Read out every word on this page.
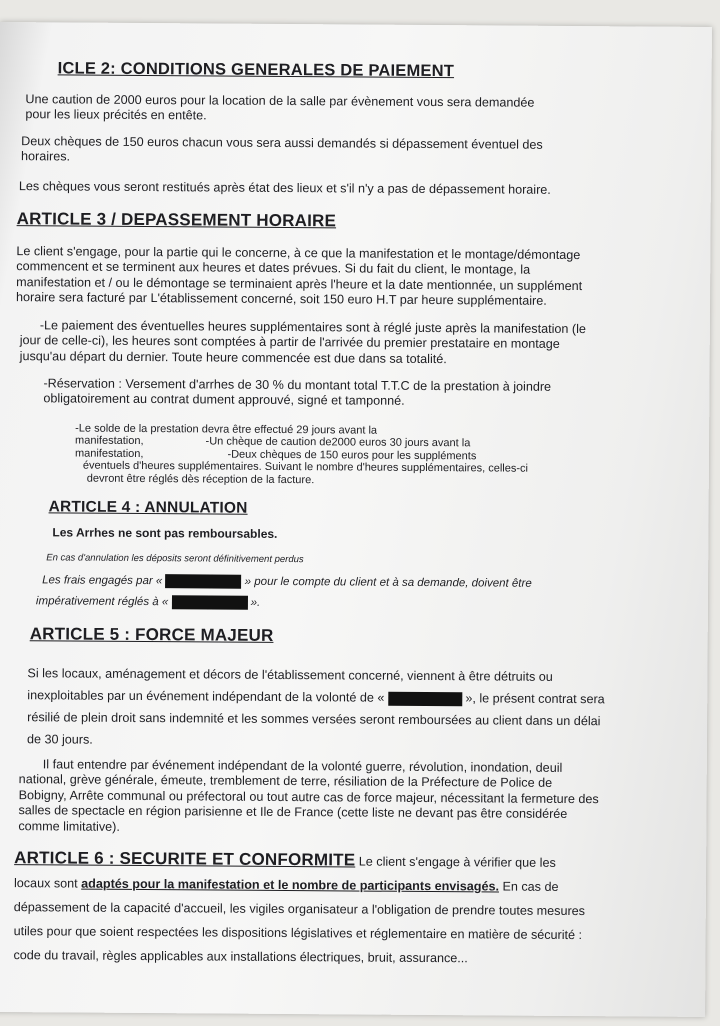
ICLE 2: CONDITIONS GENERALES DE PAIEMENT
Une caution de 2000 euros pour la location de la salle par évènement vous sera demandée
pour les lieux précités en entête.
Deux chèques de 150 euros chacun vous sera aussi demandés si dépassement éventuel des
horaires.
Les chèques vous seront restitués après état des lieux et s'il n'y a pas de dépassement horaire.
ARTICLE 3 / DEPASSEMENT HORAIRE
Le client s'engage, pour la partie qui le concerne, à ce que la manifestation et le montage/démontage
commencent et se terminent aux heures et dates prévues. Si du fait du client, le montage, la
manifestation et / ou le démontage se terminaient après l'heure et la date mentionnée, un supplément
horaire sera facturé par L'établissement concerné, soit 150 euro H.T par heure supplémentaire.
-Le paiement des éventuelles heures supplémentaires sont à réglé juste après la manifestation (le
jour de celle-ci), les heures sont comptées à partir de l'arrivée du premier prestataire en montage
jusqu'au départ du dernier. Toute heure commencée est due dans sa totalité.
-Réservation : Versement d'arrhes de 30 % du montant total T.T.C de la prestation à joindre
obligatoirement au contrat dument approuvé, signé et tamponné.
-Le solde de la prestation devra être effectué 29 jours avant la
manifestation,	-Un chèque de caution de2000 euros 30 jours avant la
manifestation,	-Deux chèques de 150 euros pour les suppléments
éventuels d'heures supplémentaires. Suivant le nombre d'heures supplémentaires, celles-ci
devront être réglés dès réception de la facture.
ARTICLE 4 : ANNULATION
Les Arrhes ne sont pas remboursables.
En cas d'annulation les déposits seront définitivement perdus
Les frais engagés par «	» pour le compte du client et à sa demande, doivent être
impérativement réglés à «	».
ARTICLE 5 : FORCE MAJEUR
Si les locaux, aménagement et décors de l'établissement concerné, viennent à être détruits ou
inexploitables par un événement indépendant de la volonté de «	», le présent contrat sera
résilié de plein droit sans indemnité et les sommes versées seront remboursées au client dans un délai
de 30 jours.
Il faut entendre par événement indépendant de la volonté guerre, révolution, inondation, deuil
national, grève générale, émeute, tremblement de terre, résiliation de la Préfecture de Police de
Bobigny, Arrête communal ou préfectoral ou tout autre cas de force majeur, nécessitant la fermeture des
salles de spectacle en région parisienne et Ile de France (cette liste ne devant pas être considérée
comme limitative).
ARTICLE 6 : SECURITE ET CONFORMITE Le client s'engage à vérifier que les
locaux sont adaptés pour la manifestation et le nombre de participants envisagés. En cas de
dépassement de la capacité d'accueil, les vigiles organisateur a l'obligation de prendre toutes mesures
utiles pour que soient respectées les dispositions législatives et réglementaire en matière de sécurité :
code du travail, règles applicables aux installations électriques, bruit, assurance...
